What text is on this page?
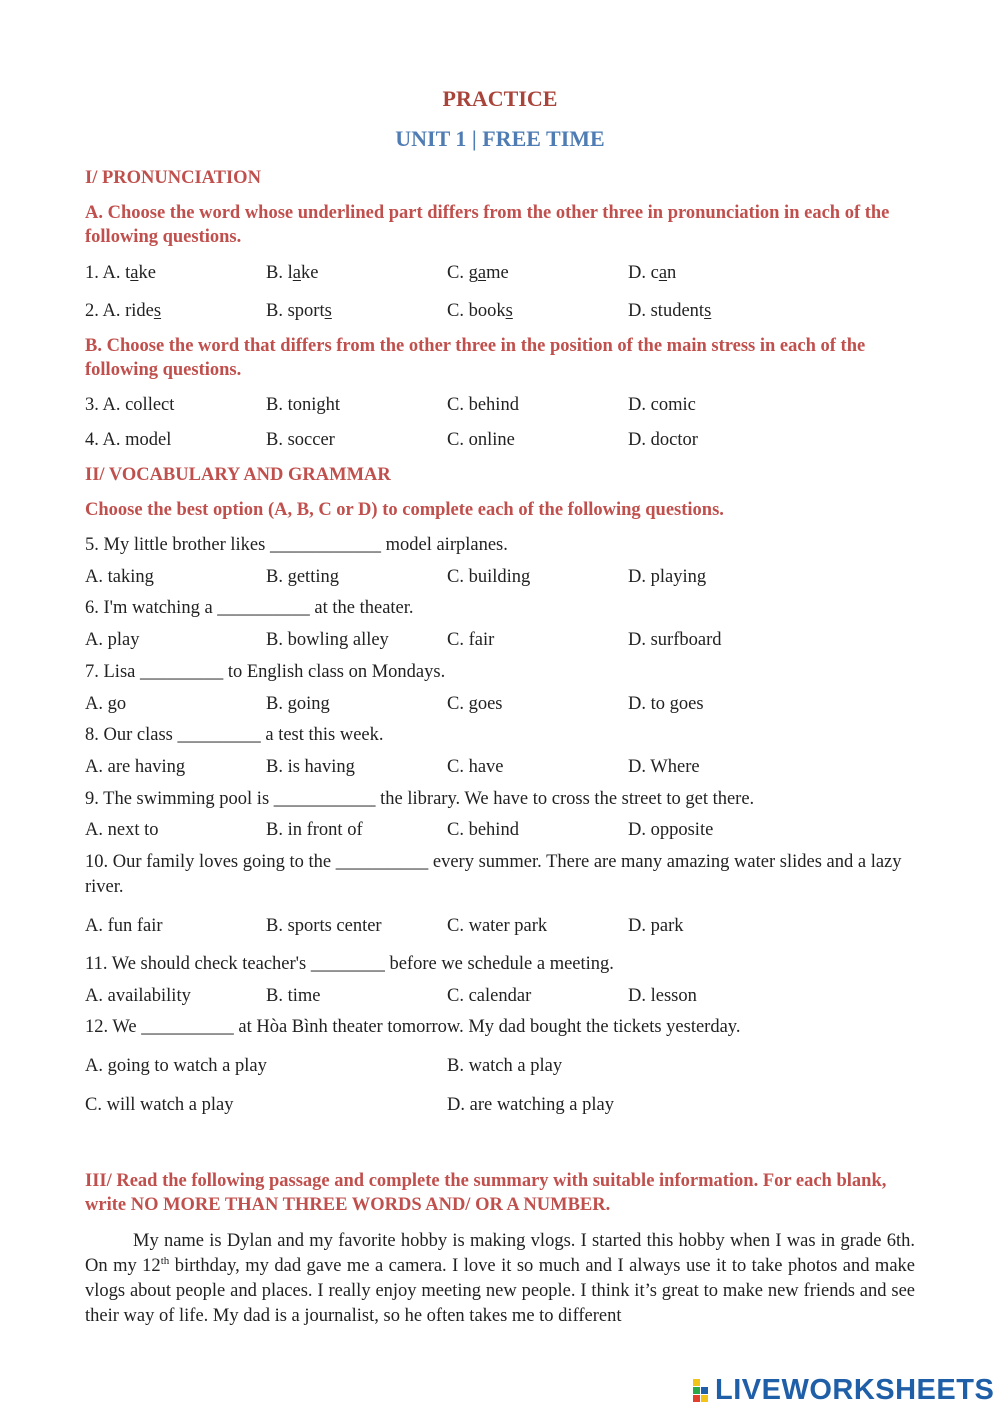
PRACTICE
UNIT 1 | FREE TIME
I/ PRONUNCIATION
A. Choose the word whose underlined part differs from the other three in pronunciation in each of the following questions.
1. A. take	B. lake	C. game	D. can
2. A. rides	B. sports	C. books	D. students
B. Choose the word that differs from the other three in the position of the main stress in each of the following questions.
3. A. collect	B. tonight	C. behind	D. comic
4. A. model	B. soccer	C. online	D. doctor
II/ VOCABULARY AND GRAMMAR
Choose the best option (A, B, C or D) to complete each of the following questions.
5. My little brother likes ____________ model airplanes.
A. taking	B. getting	C. building	D. playing
6. I'm watching a __________ at the theater.
A. play	B. bowling alley	C. fair	D. surfboard
7. Lisa _________ to English class on Mondays.
A. go	B. going	C. goes	D. to goes
8. Our class _________ a test this week.
A. are having	B. is having	C. have	D. Where
9. The swimming pool is ___________ the library. We have to cross the street to get there.
A. next to	B. in front of	C. behind	D. opposite
10. Our family loves going to the __________ every summer. There are many amazing water slides and a lazy river.
A. fun fair	B. sports center	C. water park	D. park
11. We should check teacher's ________ before we schedule a meeting.
A. availability	B. time	C. calendar	D. lesson
12. We __________ at Hòa Bình theater tomorrow. My dad bought the tickets yesterday.
A. going to watch a play	B. watch a play
C. will watch a play	D. are watching a play
III/ Read the following passage and complete the summary with suitable information. For each blank, write NO MORE THAN THREE WORDS AND/ OR A NUMBER.

My name is Dylan and my favorite hobby is making vlogs. I started this hobby when I was in grade 6th. On my 12th birthday, my dad gave me a camera. I love it so much and I always use it to take photos and make vlogs about people and places. I really enjoy meeting new people. I think it’s great to make new friends and see their way of life. My dad is a journalist, so he often takes me to different

LIVEWORKSHEETS
